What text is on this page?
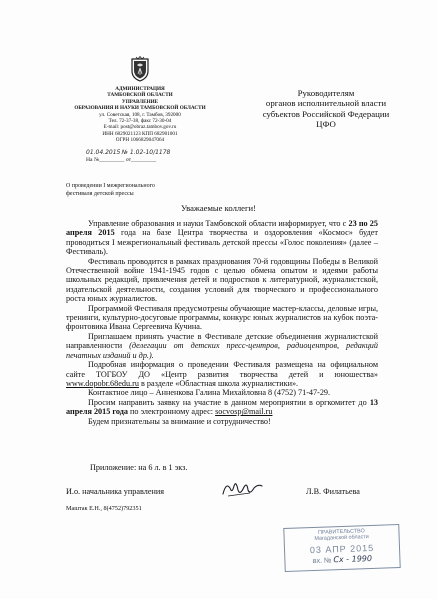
АДМИНИСТРАЦИЯ
ТАМБОВСКОЙ ОБЛАСТИ
УПРАВЛЕНИЕ
ОБРАЗОВАНИЯ И НАУКИ ТАМБОВСКОЙ ОБЛАСТИ
ул. Советская, 108, г. Тамбов, 392000
Тел. 72-37-38, факс 72-30-04
E-mail: post@obraz.tambov.gov.ru
ИНН 6829021123 КПП 682901001
ОГРН 1066829047064
01.04.2015 № 1.02-10/1178
На №_________ от_________
Руководителям
органов исполнительной власти
субъектов Российской Федерации
ЦФО
О проведении I межрегионального
фестиваля детской прессы
Уважаемые коллеги!

Управление образования и науки Тамбовской области информирует, что с 23 по 25 апреля 2015 года на базе Центра творчества и оздоровления «Космос» будет проводиться I межрегиональный фестиваль детской прессы «Голос поколения» (далее – Фестиваль).

Фестиваль проводится в рамках празднования 70-й годовщины Победы в Великой Отечественной войне 1941-1945 годов с целью обмена опытом и идеями работы школьных редакций, привлечения детей и подростков к литературной, журналистской, издательской деятельности, создания условий для творческого и профессионального роста юных журналистов.

Программой Фестиваля предусмотрены обучающие мастер-классы, деловые игры, тренинги, культурно-досуговые программы, конкурс юных журналистов на кубок поэта-фронтовика Ивана Сергеевича Кучина.

Приглашаем принять участие в Фестивале детские объединения журналистской направленности (делегации от детских пресс-центров, радиоцентров, редакций печатных изданий и др.).

Подробная информация о проведении Фестиваля размещена на официальном сайте ТОГБОУ ДО «Центр развития творчества детей и юношества» www.dopobr.68edu.ru в разделе «Областная школа журналистики».

Контактное лицо – Анненкова Галина Михайловна 8 (4752) 71-47-29.

Просим направить заявку на участие в данном мероприятии в оргкомитет до 13 апреля 2015 года по электронному адрес: socvosp@mail.ru

Будем признательны за внимание и сотрудничество!

Приложение: на 6 л. в 1 экз.
И.о. начальника управления	Л.В. Филатьева
Маштак Е.Н., 8(4752)792351
ПРАВИТЕЛЬСТВО
Магаданской области
03 АПР 2015
вх. № Сх - 1990
